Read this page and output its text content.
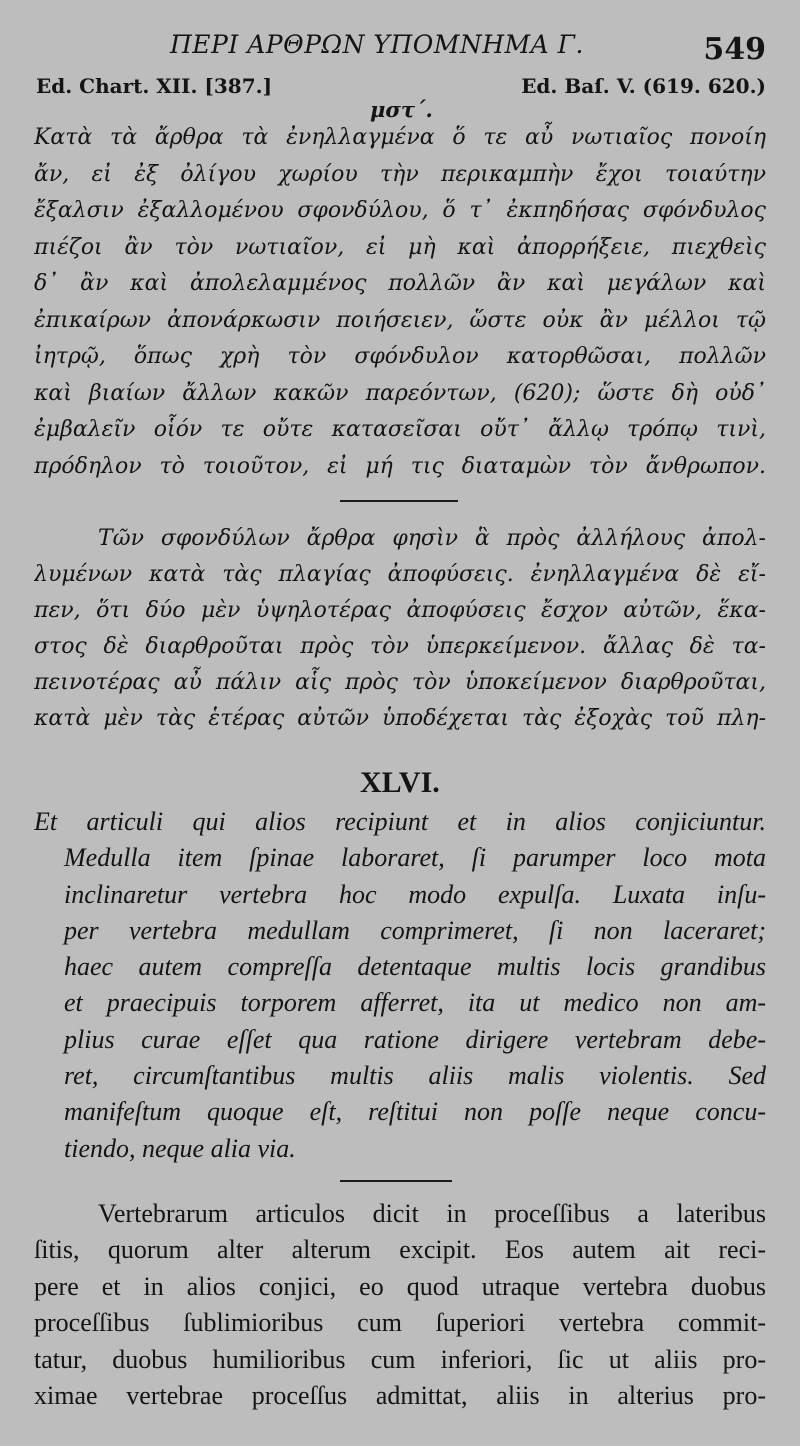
ΠΕΡΙ ΑΡΘΡΩΝ ΥΠΟΜΝΗΜΑ Γ.	549
Ed. Chart. XII. [387.]	Ed. Baſ. V. (619. 620.)
μστ΄.
Κατὰ τὰ ἄρθρα τὰ ἐνηλλαγμένα ὅ τε αὖ νωτιαῖος πονοίη
ἄν, εἰ ἐξ ὀλίγου χωρίου τὴν περικαμπὴν ἔχοι τοιαύτην
ἔξαλσιν ἐξαλλομένου σφονδύλου, ὅ τ᾽ ἐκπηδήσας σφόνδυλος
πιέζοι ἂν τὸν νωτιαῖον, εἰ μὴ καὶ ἀπορρήξειε, πιεχθεὶς
δ᾽ ἂν καὶ ἀπολελαμμένος πολλῶν ἂν καὶ μεγάλων καὶ
ἐπικαίρων ἀπονάρκωσιν ποιήσειεν, ὥστε οὐκ ἂν μέλλοι τῷ
ἰητρῷ, ὅπως χρὴ τὸν σφόνδυλον κατορθῶσαι, πολλῶν
καὶ βιαίων ἄλλων κακῶν παρεόντων, (620); ὥστε δὴ οὐδ᾽
ἐμβαλεῖν οἷόν τε οὔτε κατασεῖσαι οὔτ᾽ ἄλλῳ τρόπῳ τινὶ,
πρόδηλον τὸ τοιοῦτον, εἰ μή τις διαταμὼν τὸν ἄνθρωπον.
Τῶν σφονδύλων ἄρθρα φησὶν ἃ πρὸς ἀλλήλους ἀπολ-
λυμένων κατὰ τὰς πλαγίας ἀποφύσεις. ἐνηλλαγμένα δὲ εἴ-
πεν, ὅτι δύο μὲν ὑψηλοτέρας ἀποφύσεις ἔσχον αὐτῶν, ἕκα-
στος δὲ διαρθροῦται πρὸς τὸν ὑπερκείμενον. ἄλλας δὲ τα-
πεινοτέρας αὖ πάλιν αἷς πρὸς τὸν ὑποκείμενον διαρθροῦται,
κατὰ μὲν τὰς ἑτέρας αὐτῶν ὑποδέχεται τὰς ἐξοχὰς τοῦ πλη-
XLVI.
Et articuli qui alios recipiunt et in alios conjiciuntur.
Medulla item ſpinae laboraret, ſi parumper loco mota
inclinaretur vertebra hoc modo expulſa. Luxata inſu-
per vertebra medullam comprimeret, ſi non laceraret;
haec autem compreſſa detentaque multis locis grandibus
et praecipuis torporem afferret, ita ut medico non am-
plius curae eſſet qua ratione dirigere vertebram debe-
ret, circumſtantibus multis aliis malis violentis. Sed
manifeſtum quoque eſt, reſtitui non poſſe neque concu-
tiendo, neque alia via.
Vertebrarum articulos dicit in proceſſibus a lateribus
ſitis, quorum alter alterum excipit. Eos autem ait reci-
pere et in alios conjici, eo quod utraque vertebra duobus
proceſſibus ſublimioribus cum ſuperiori vertebra commit-
tatur, duobus humilioribus cum inferiori, ſic ut aliis pro-
ximae vertebrae proceſſus admittat, aliis in alterius pro-
